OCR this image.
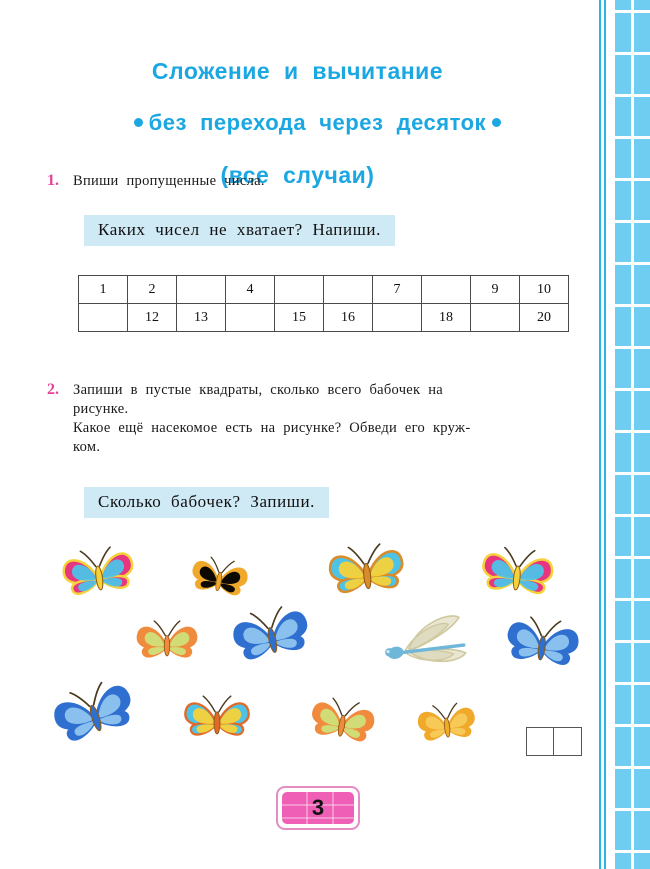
Сложение  и  вычитание

без  перехода  через  десяток

(все  случаи)
1. Впиши  пропущенные  числа.
Каких  чисел  не  хватает?  Напиши.
1	2		4			7		9	10
	12	13		15	16		18		20
2. Запиши  в  пустые  квадраты,  сколько  всего  бабочек  на
рисунке.
Какое  ещё  насекомое  есть  на  рисунке?  Обведи  его  круж-
ком.
Сколько  бабочек?  Запиши.
3
